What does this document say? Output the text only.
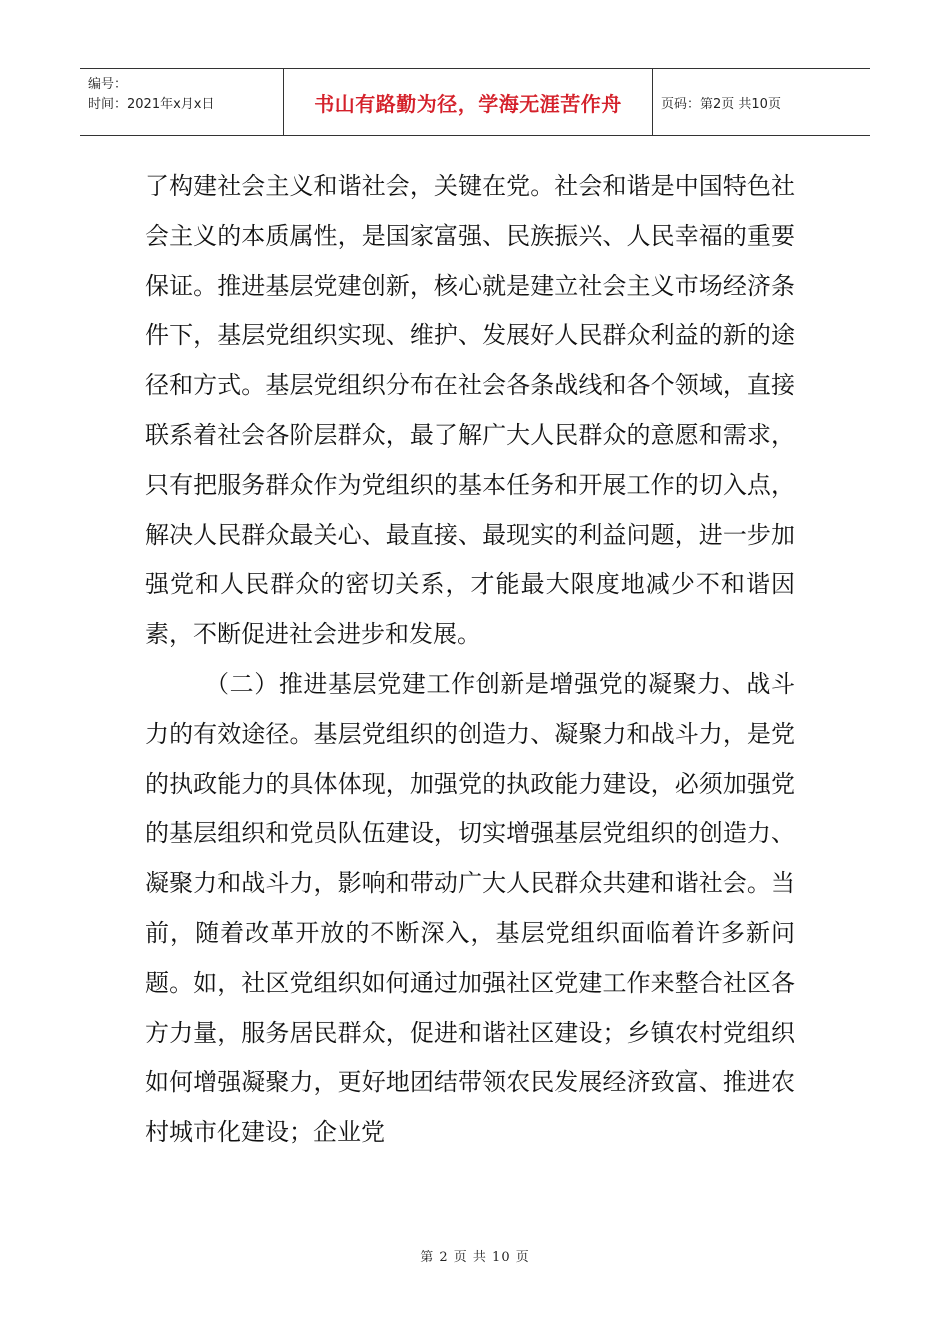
编号：
时间：2021年x月x日	书山有路勤为径，学海无涯苦作舟	页码：第2页 共10页

了构建社会主义和谐社会，关键在党。社会和谐是中国特色社会主义的本质属性，是国家富强、民族振兴、人民幸福的重要保证。推进基层党建创新，核心就是建立社会主义市场经济条件下，基层党组织实现、维护、发展好人民群众利益的新的途径和方式。基层党组织分布在社会各条战线和各个领域，直接联系着社会各阶层群众，最了解广大人民群众的意愿和需求，只有把服务群众作为党组织的基本任务和开展工作的切入点，解决人民群众最关心、最直接、最现实的利益问题，进一步加强党和人民群众的密切关系，才能最大限度地减少不和谐因素，不断促进社会进步和发展。

（二）推进基层党建工作创新是增强党的凝聚力、战斗力的有效途径。基层党组织的创造力、凝聚力和战斗力，是党的执政能力的具体体现，加强党的执政能力建设，必须加强党的基层组织和党员队伍建设，切实增强基层党组织的创造力、凝聚力和战斗力，影响和带动广大人民群众共建和谐社会。当前，随着改革开放的不断深入，基层党组织面临着许多新问题。如，社区党组织如何通过加强社区党建工作来整合社区各方力量，服务居民群众，促进和谐社区建设；乡镇农村党组织如何增强凝聚力，更好地团结带领农民发展经济致富、推进农村城市化建设；企业党

第 2 页 共 10 页
